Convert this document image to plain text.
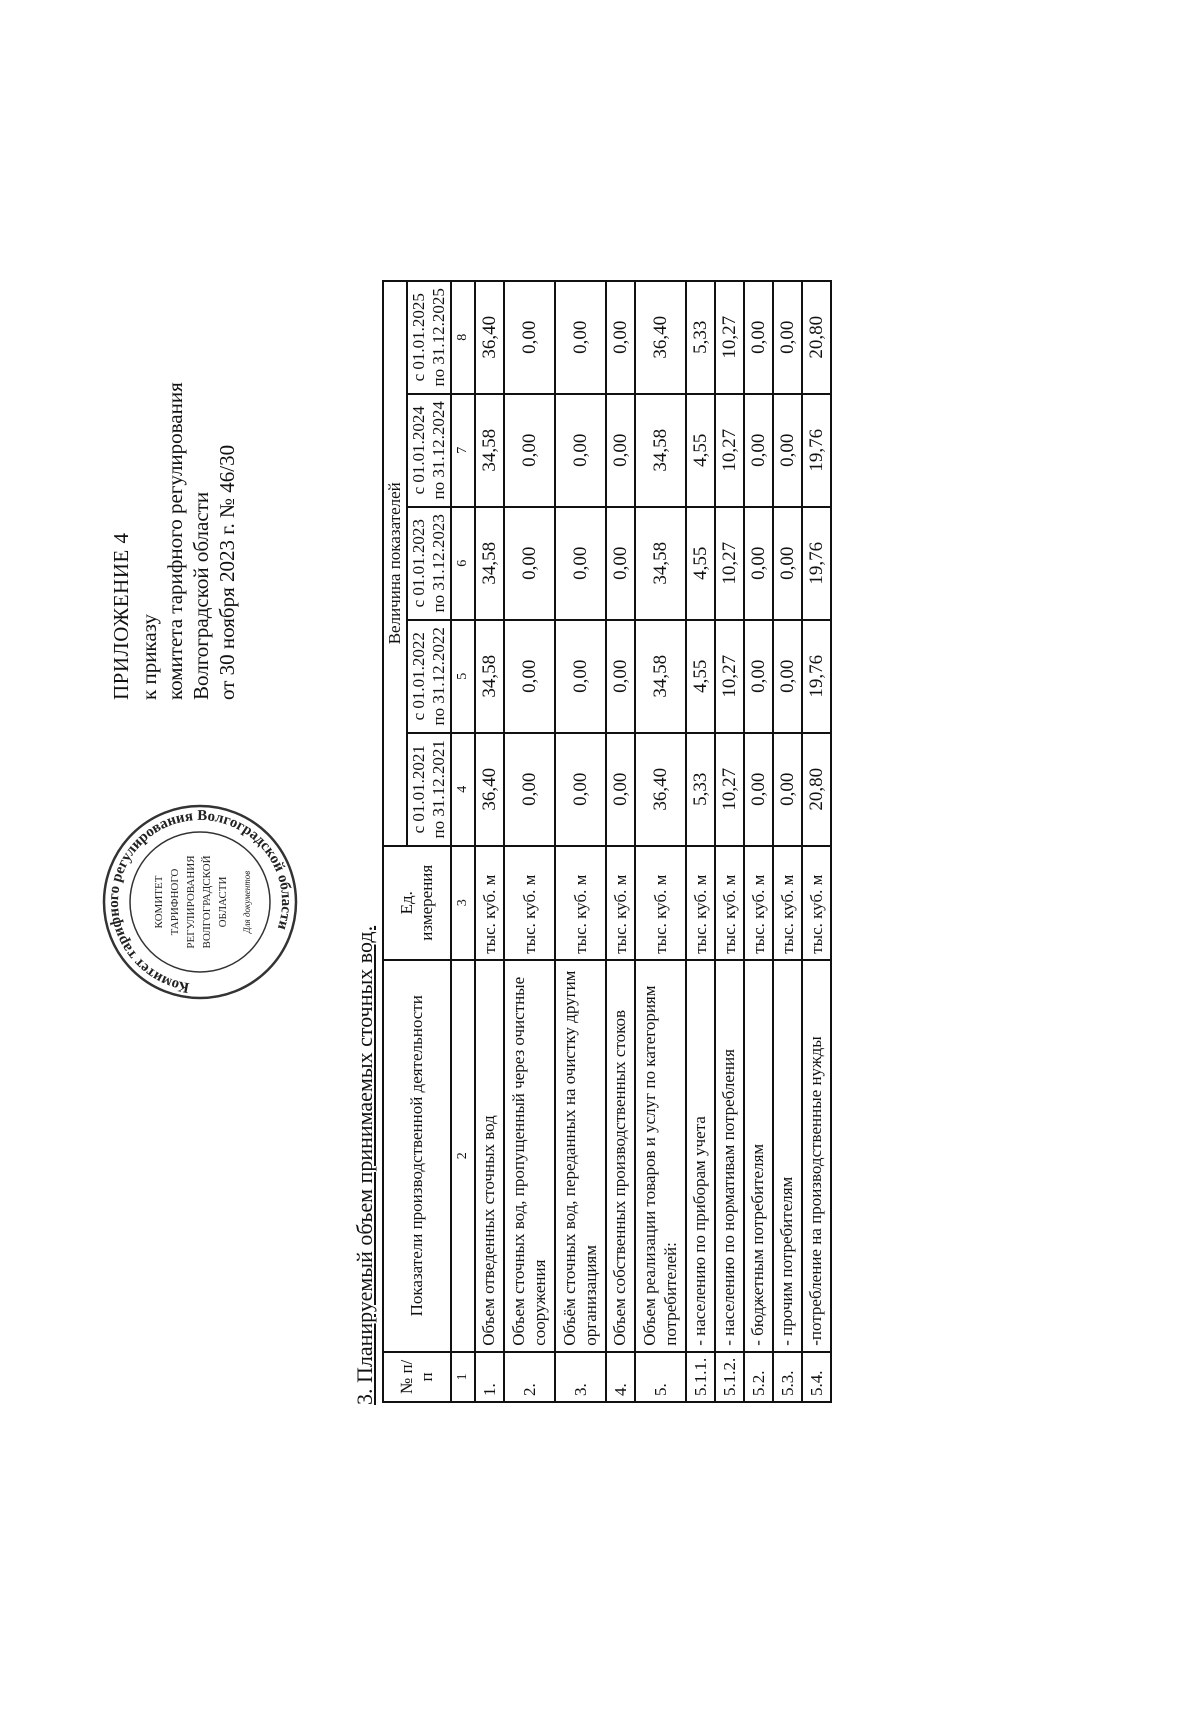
ПРИЛОЖЕНИЕ 4 к приказу комитета тарифного регулирования Волгоградской области от 30 ноября 2023 г. № 46/30
Комитет тарифного регулирования Волгоградской области
КОМИТЕТ ТАРИФНОГО РЕГУЛИРОВАНИЯ ВОЛГОГРАДСКОЙ ОБЛАСТИ Для документов
3. Планируемый объем принимаемых сточных вод. № п/п	Показатели производственной деятельности	Ед. измерения	Величина показателей				
			с 01.01.2021 по 31.12.2021	с 01.01.2022 по 31.12.2022	с 01.01.2023 по 31.12.2023	с 01.01.2024 по 31.12.2024	с 01.01.2025 по 31.12.2025
1	2	3	4	5	6	7	8
1.	Объем отведенных сточных вод	тыс. куб. м	36,40	34,58	34,58	34,58	36,40
2.	Объем сточных вод, пропущенный через очистные сооружения	тыс. куб. м	0,00	0,00	0,00	0,00	0,00
3.	Объём сточных вод, переданных на очистку другим организациям	тыс. куб. м	0,00	0,00	0,00	0,00	0,00
4.	Объем собственных производственных стоков	тыс. куб. м	0,00	0,00	0,00	0,00	0,00
5.	Объем реализации товаров и услуг по категориям потребителей:	тыс. куб. м	36,40	34,58	34,58	34,58	36,40
5.1.1.	- населению по приборам учета	тыс. куб. м	5,33	4,55	4,55	4,55	5,33
5.1.2.	- населению по нормативам потребления	тыс. куб. м	10,27	10,27	10,27	10,27	10,27
5.2.	- бюджетным потребителям	тыс. куб. м	0,00	0,00	0,00	0,00	0,00
5.3.	- прочим потребителям	тыс. куб. м	0,00	0,00	0,00	0,00	0,00
5.4.	-потребление на производственные нужды	тыс. куб. м	20,80	19,76	19,76	19,76	20,80
